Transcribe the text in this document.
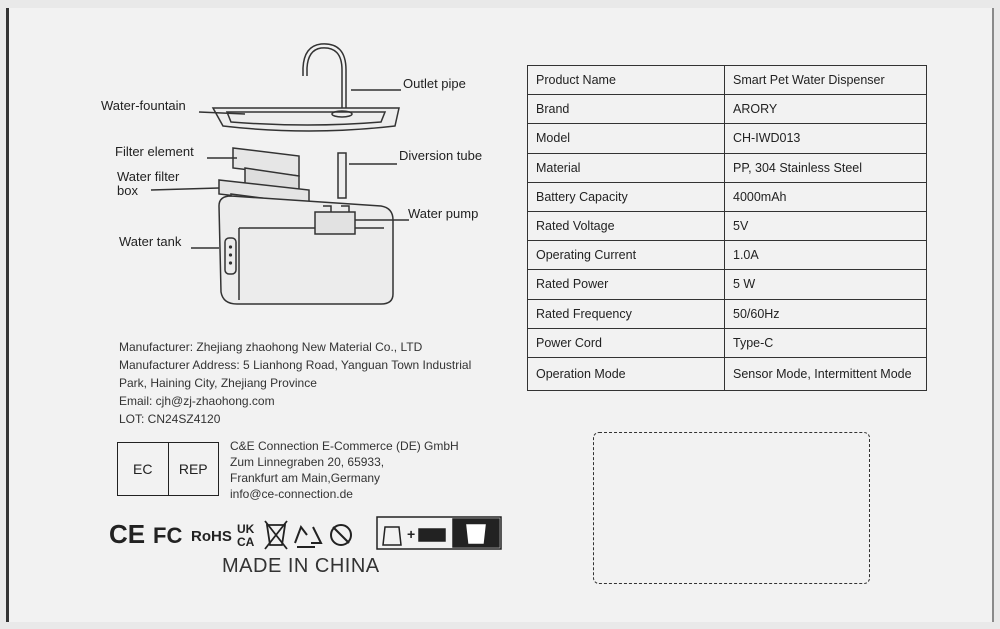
Outlet pipe
Water-fountain
Filter element	Diversion tube
Water filter
box
Water pump
Water tank
Manufacturer: Zhejiang zhaohong New Material Co., LTD
Manufacturer Address: 5 Lianhong Road, Yanguan Town Industrial
Park, Haining City, Zhejiang Province
Email: cjh@zj-zhaohong.com
LOT: CN24SZ4120
EC	REP
C&E Connection E-Commerce (DE) GmbH
Zum Linnegraben 20, 65933,
Frankfurt am Main,Germany
info@ce-connection.de
CE FC RoHS UK
CA	+
MADE IN CHINA
Product Name	Smart Pet Water Dispenser
Brand	ARORY
Model	CH-IWD013
Material	PP, 304 Stainless Steel
Battery Capacity	4000mAh
Rated Voltage	5V
Operating Current	1.0A
Rated Power	5 W
Rated Frequency	50/60Hz
Power Cord	Type-C
Operation Mode	Sensor Mode, Intermittent Mode
